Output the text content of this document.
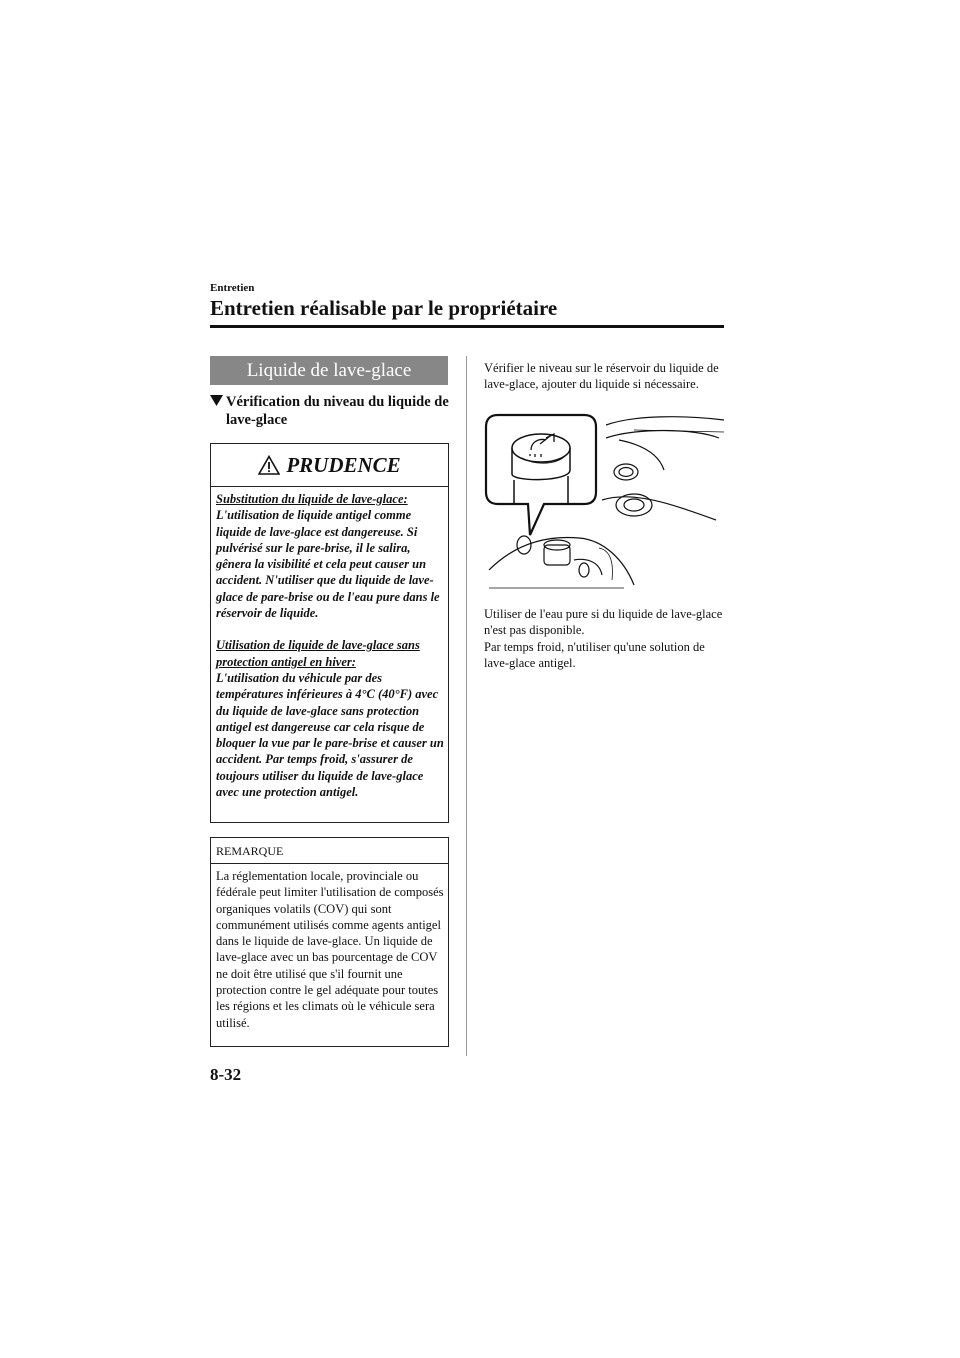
Entretien
Entretien réalisable par le propriétaire
Liquide de lave-glace
Vérification du niveau du liquide de lave-glace
PRUDENCE

Substitution du liquide de lave-glace:

L'utilisation de liquide antigel comme liquide de lave-glace est dangereuse. Si pulvérisé sur le pare-brise, il le salira, gênera la visibilité et cela peut causer un accident. N'utiliser que du liquide de lave-glace de pare-brise ou de l'eau pure dans le réservoir de liquide.

Utilisation de liquide de lave-glace sans protection antigel en hiver:

L'utilisation du véhicule par des températures inférieures à 4°C (40°F) avec du liquide de lave-glace sans protection antigel est dangereuse car cela risque de bloquer la vue par le pare-brise et causer un accident. Par temps froid, s'assurer de toujours utiliser du liquide de lave-glace avec une protection antigel.

REMARQUE
La réglementation locale, provinciale ou fédérale peut limiter l'utilisation de composés organiques volatils (COV) qui sont communément utilisés comme agents antigel dans le liquide de lave-glace. Un liquide de lave-glace avec un bas pourcentage de COV ne doit être utilisé que s'il fournit une protection contre le gel adéquate pour toutes les régions et les climats où le véhicule sera utilisé.
Vérifier le niveau sur le réservoir du liquide de lave-glace, ajouter du liquide si nécessaire.

Utiliser de l'eau pure si du liquide de lave-glace n'est pas disponible.

Par temps froid, n'utiliser qu'une solution de lave-glace antigel.

8-32
